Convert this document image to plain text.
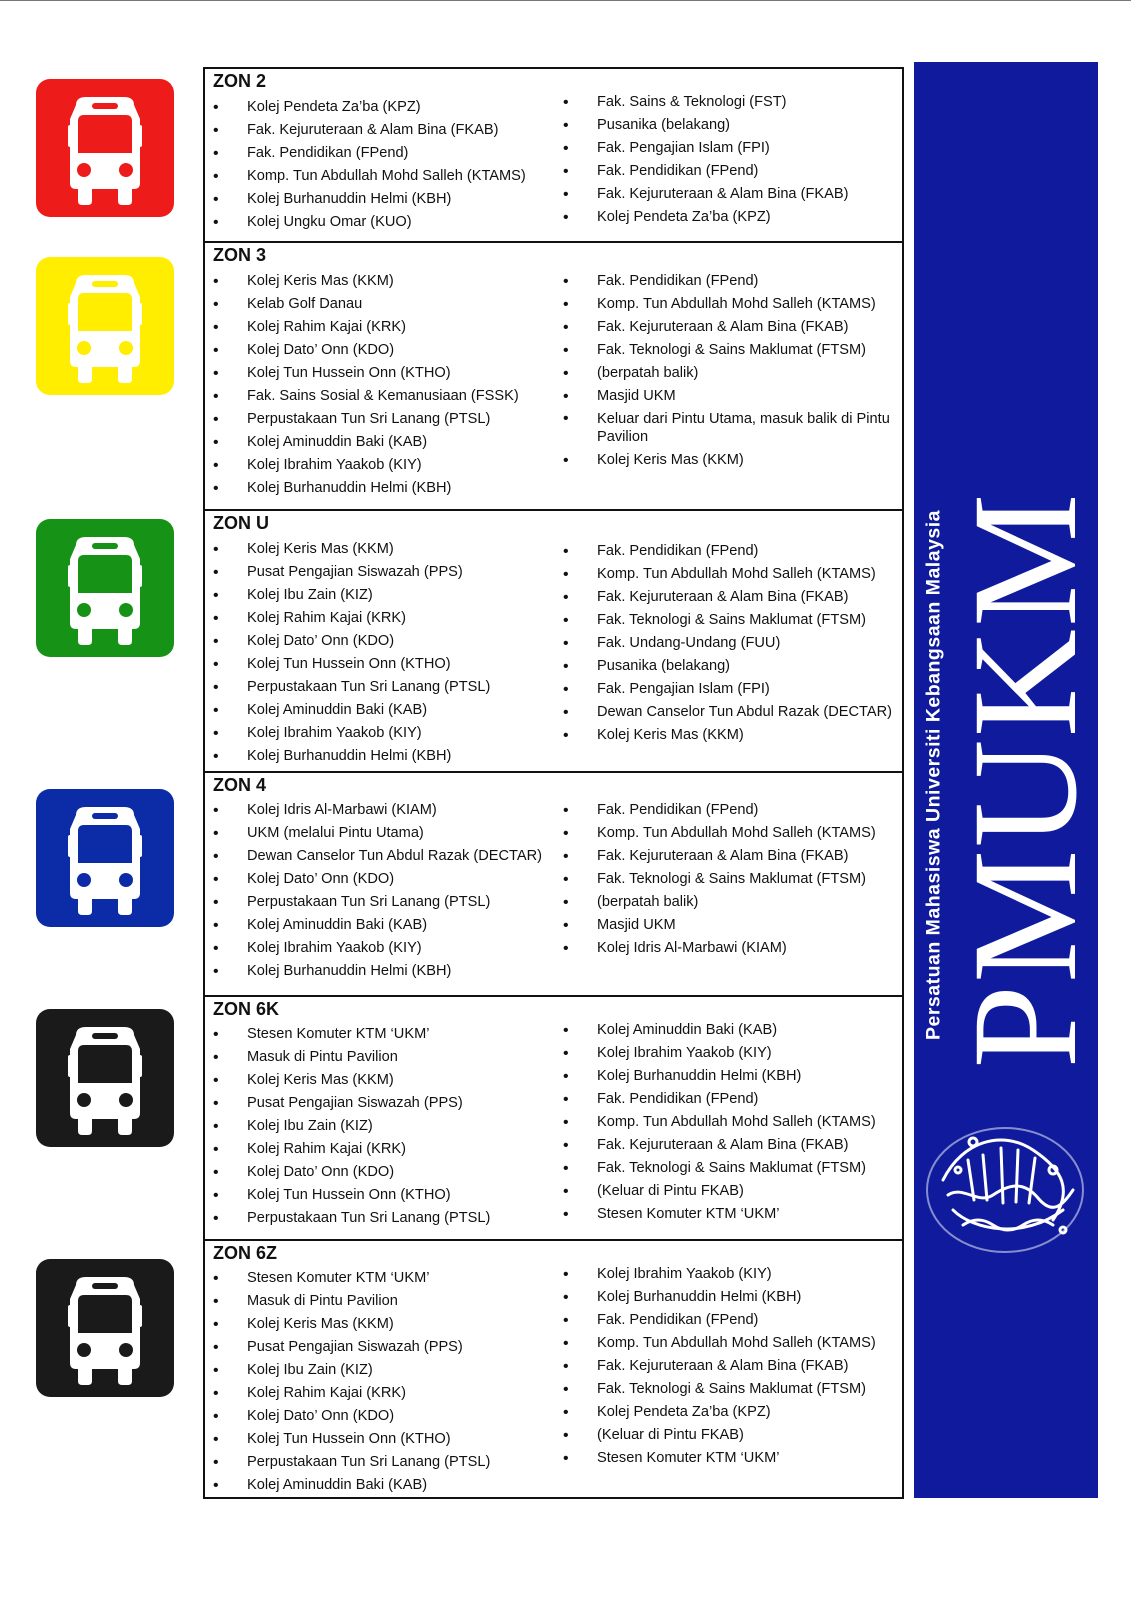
ZON 2
• Kolej Pendeta Za’ba (KPZ)
• Fak. Kejuruteraan & Alam Bina (FKAB)
• Fak. Pendidikan (FPend)
• Komp. Tun Abdullah Mohd Salleh (KTAMS)
• Kolej Burhanuddin Helmi (KBH)
• Kolej Ungku Omar (KUO)
• Fak. Sains & Teknologi (FST)
• Pusanika (belakang)
• Fak. Pengajian Islam (FPI)
• Fak. Pendidikan (FPend)
• Fak. Kejuruteraan & Alam Bina (FKAB)
• Kolej Pendeta Za’ba (KPZ)
ZON 3
• Kolej Keris Mas (KKM)
• Kelab Golf Danau
• Kolej Rahim Kajai (KRK)
• Kolej Dato’ Onn (KDO)
• Kolej Tun Hussein Onn (KTHO)
• Fak. Sains Sosial & Kemanusiaan (FSSK)
• Perpustakaan Tun Sri Lanang (PTSL)
• Kolej Aminuddin Baki (KAB)
• Kolej Ibrahim Yaakob (KIY)
• Kolej Burhanuddin Helmi (KBH)
• Fak. Pendidikan (FPend)
• Komp. Tun Abdullah Mohd Salleh (KTAMS)
• Fak. Kejuruteraan & Alam Bina (FKAB)
• Fak. Teknologi & Sains Maklumat (FTSM)
• (berpatah balik)
• Masjid UKM
• Keluar dari Pintu Utama, masuk balik di Pintu Pavilion
• Kolej Keris Mas (KKM)
ZON U
• Kolej Keris Mas (KKM)
• Pusat Pengajian Siswazah (PPS)
• Kolej Ibu Zain (KIZ)
• Kolej Rahim Kajai (KRK)
• Kolej Dato’ Onn (KDO)
• Kolej Tun Hussein Onn (KTHO)
• Perpustakaan Tun Sri Lanang (PTSL)
• Kolej Aminuddin Baki (KAB)
• Kolej Ibrahim Yaakob (KIY)
• Kolej Burhanuddin Helmi (KBH)
• Fak. Pendidikan (FPend)
• Komp. Tun Abdullah Mohd Salleh (KTAMS)
• Fak. Kejuruteraan & Alam Bina (FKAB)
• Fak. Teknologi & Sains Maklumat (FTSM)
• Fak. Undang-Undang (FUU)
• Pusanika (belakang)
• Fak. Pengajian Islam (FPI)
• Dewan Canselor Tun Abdul Razak (DECTAR)
• Kolej Keris Mas (KKM)
ZON 4
• Kolej Idris Al-Marbawi (KIAM)
• UKM (melalui Pintu Utama)
• Dewan Canselor Tun Abdul Razak (DECTAR)
• Kolej Dato’ Onn (KDO)
• Perpustakaan Tun Sri Lanang (PTSL)
• Kolej Aminuddin Baki (KAB)
• Kolej Ibrahim Yaakob (KIY)
• Kolej Burhanuddin Helmi (KBH)
• Fak. Pendidikan (FPend)
• Komp. Tun Abdullah Mohd Salleh (KTAMS)
• Fak. Kejuruteraan & Alam Bina (FKAB)
• Fak. Teknologi & Sains Maklumat (FTSM)
• (berpatah balik)
• Masjid UKM
• Kolej Idris Al-Marbawi (KIAM)
ZON 6K
• Stesen Komuter KTM ‘UKM’
• Masuk di Pintu Pavilion
• Kolej Keris Mas (KKM)
• Pusat Pengajian Siswazah (PPS)
• Kolej Ibu Zain (KIZ)
• Kolej Rahim Kajai (KRK)
• Kolej Dato’ Onn (KDO)
• Kolej Tun Hussein Onn (KTHO)
• Perpustakaan Tun Sri Lanang (PTSL)
• Kolej Aminuddin Baki (KAB)
• Kolej Ibrahim Yaakob (KIY)
• Kolej Burhanuddin Helmi (KBH)
• Fak. Pendidikan (FPend)
• Komp. Tun Abdullah Mohd Salleh (KTAMS)
• Fak. Kejuruteraan & Alam Bina (FKAB)
• Fak. Teknologi & Sains Maklumat (FTSM)
• (Keluar di Pintu FKAB)
• Stesen Komuter KTM ‘UKM’
ZON 6Z
• Stesen Komuter KTM ‘UKM’
• Masuk di Pintu Pavilion
• Kolej Keris Mas (KKM)
• Pusat Pengajian Siswazah (PPS)
• Kolej Ibu Zain (KIZ)
• Kolej Rahim Kajai (KRK)
• Kolej Dato’ Onn (KDO)
• Kolej Tun Hussein Onn (KTHO)
• Perpustakaan Tun Sri Lanang (PTSL)
• Kolej Aminuddin Baki (KAB)
• Kolej Ibrahim Yaakob (KIY)
• Kolej Burhanuddin Helmi (KBH)
• Fak. Pendidikan (FPend)
• Komp. Tun Abdullah Mohd Salleh (KTAMS)
• Fak. Kejuruteraan & Alam Bina (FKAB)
• Fak. Teknologi & Sains Maklumat (FTSM)
• Kolej Pendeta Za’ba (KPZ)
• (Keluar di Pintu FKAB)
• Stesen Komuter KTM ‘UKM’
PMUKM
Persatuan Mahasiswa Universiti Kebangsaan Malaysia
